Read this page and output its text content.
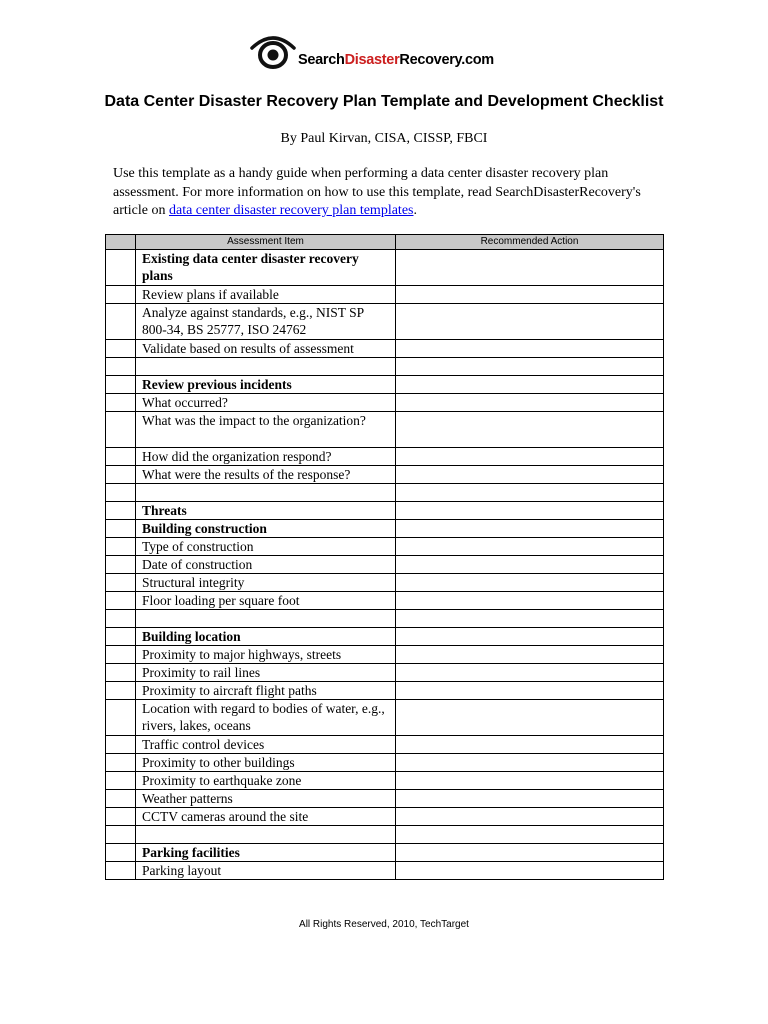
SearchDisasterRecovery.com
Data Center Disaster Recovery Plan Template and Development Checklist
By Paul Kirvan, CISA, CISSP, FBCI
Use this template as a handy guide when performing a data center disaster recovery plan assessment. For more information on how to use this template, read SearchDisasterRecovery's article on data center disaster recovery plan templates.
	Assessment Item	Recommended Action
	Existing data center disaster recovery plans	
	Review plans if available	
	Analyze against standards, e.g., NIST SP 800-34, BS 25777, ISO 24762	
	Validate based on results of assessment	

	Review previous incidents	
	What occurred?	
	What was the impact to the organization?	
	How did the organization respond?	
	What were the results of the response?	

	Threats	
	Building construction	
	Type of construction	
	Date of construction	
	Structural integrity	
	Floor loading per square foot	

	Building location	
	Proximity to major highways, streets	
	Proximity to rail lines	
	Proximity to aircraft flight paths	
	Location with regard to bodies of water, e.g., rivers, lakes, oceans	
	Traffic control devices	
	Proximity to other buildings	
	Proximity to earthquake zone	
	Weather patterns	
	CCTV cameras around the site	

	Parking facilities	
	Parking layout	
All Rights Reserved, 2010, TechTarget
